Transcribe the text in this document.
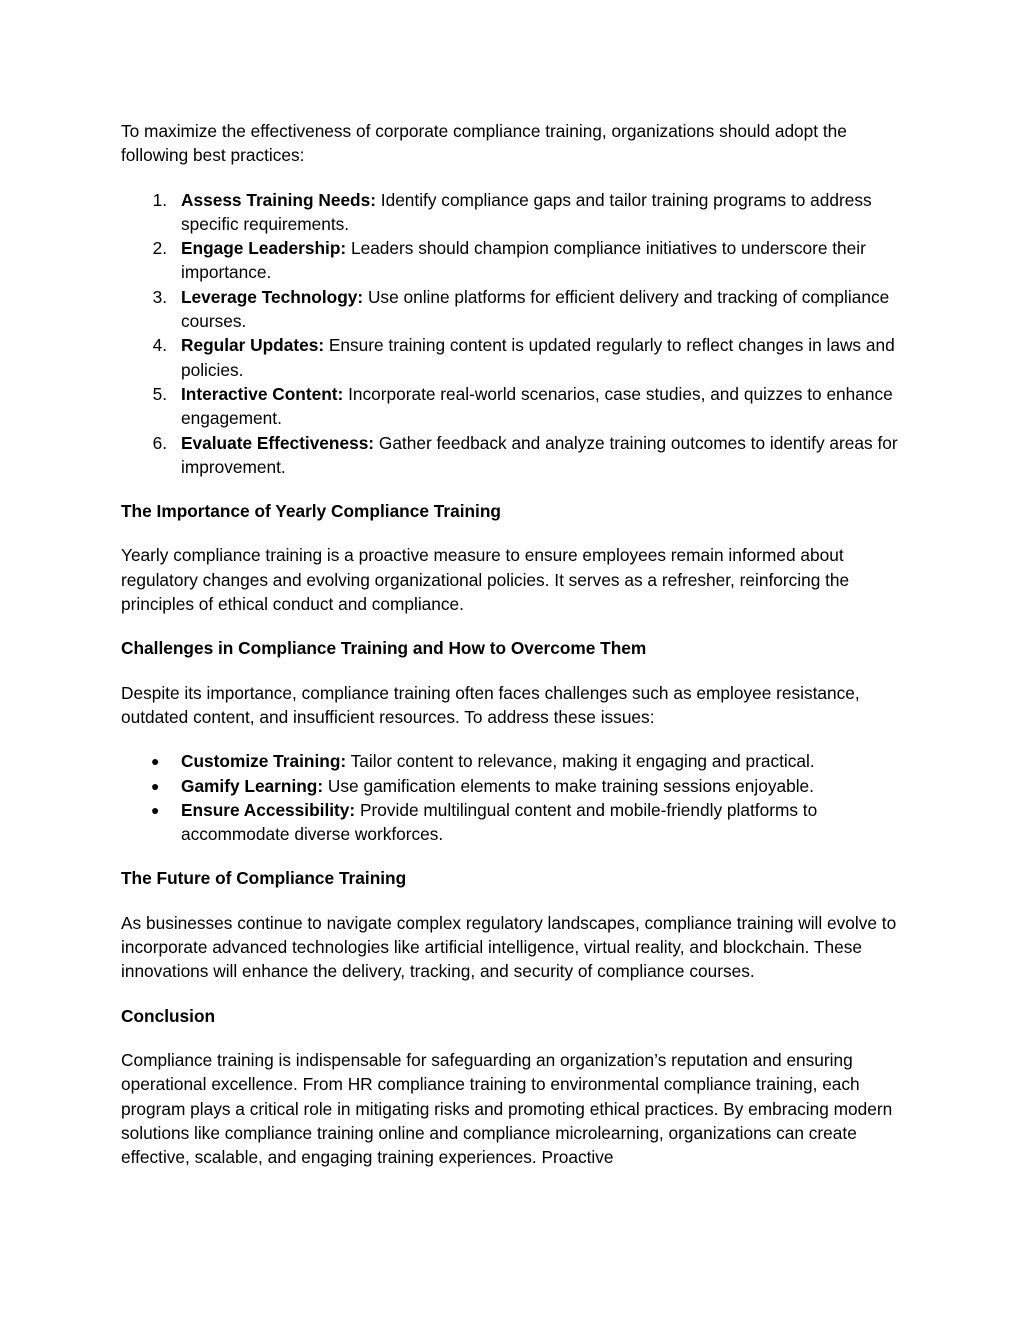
To maximize the effectiveness of corporate compliance training, organizations should adopt the following best practices:

1. Assess Training Needs: Identify compliance gaps and tailor training programs to address specific requirements.
2. Engage Leadership: Leaders should champion compliance initiatives to underscore their importance.
3. Leverage Technology: Use online platforms for efficient delivery and tracking of compliance courses.
4. Regular Updates: Ensure training content is updated regularly to reflect changes in laws and policies.
5. Interactive Content: Incorporate real-world scenarios, case studies, and quizzes to enhance engagement.
6. Evaluate Effectiveness: Gather feedback and analyze training outcomes to identify areas for improvement.

The Importance of Yearly Compliance Training

Yearly compliance training is a proactive measure to ensure employees remain informed about regulatory changes and evolving organizational policies. It serves as a refresher, reinforcing the principles of ethical conduct and compliance.

Challenges in Compliance Training and How to Overcome Them

Despite its importance, compliance training often faces challenges such as employee resistance, outdated content, and insufficient resources. To address these issues:

● Customize Training: Tailor content to relevance, making it engaging and practical.
● Gamify Learning: Use gamification elements to make training sessions enjoyable.
● Ensure Accessibility: Provide multilingual content and mobile-friendly platforms to accommodate diverse workforces.

The Future of Compliance Training

As businesses continue to navigate complex regulatory landscapes, compliance training will evolve to incorporate advanced technologies like artificial intelligence, virtual reality, and blockchain. These innovations will enhance the delivery, tracking, and security of compliance courses.

Conclusion

Compliance training is indispensable for safeguarding an organization’s reputation and ensuring operational excellence. From HR compliance training to environmental compliance training, each program plays a critical role in mitigating risks and promoting ethical practices. By embracing modern solutions like compliance training online and compliance microlearning, organizations can create effective, scalable, and engaging training experiences. Proactive
